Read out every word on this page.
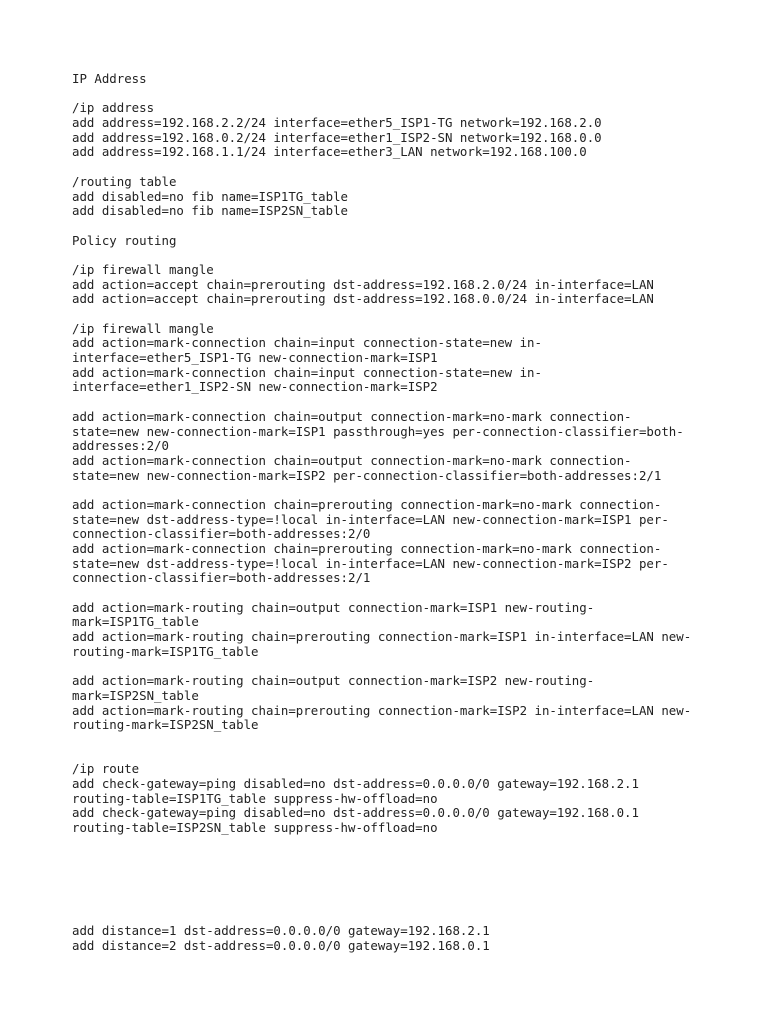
IP Address
/ip address
add address=192.168.2.2/24 interface=ether5_ISP1-TG network=192.168.2.0
add address=192.168.0.2/24 interface=ether1_ISP2-SN network=192.168.0.0
add address=192.168.1.1/24 interface=ether3_LAN network=192.168.100.0
/routing table
add disabled=no fib name=ISP1TG_table
add disabled=no fib name=ISP2SN_table
Policy routing
/ip firewall mangle
add action=accept chain=prerouting dst-address=192.168.2.0/24 in-interface=LAN
add action=accept chain=prerouting dst-address=192.168.0.0/24 in-interface=LAN
/ip firewall mangle
add action=mark-connection chain=input connection-state=new in-
interface=ether5_ISP1-TG new-connection-mark=ISP1
add action=mark-connection chain=input connection-state=new in-
interface=ether1_ISP2-SN new-connection-mark=ISP2
add action=mark-connection chain=output connection-mark=no-mark connection-
state=new new-connection-mark=ISP1 passthrough=yes per-connection-classifier=both-
addresses:2/0
add action=mark-connection chain=output connection-mark=no-mark connection-
state=new new-connection-mark=ISP2 per-connection-classifier=both-addresses:2/1
add action=mark-connection chain=prerouting connection-mark=no-mark connection-
state=new dst-address-type=!local in-interface=LAN new-connection-mark=ISP1 per-
connection-classifier=both-addresses:2/0
add action=mark-connection chain=prerouting connection-mark=no-mark connection-
state=new dst-address-type=!local in-interface=LAN new-connection-mark=ISP2 per-
connection-classifier=both-addresses:2/1
add action=mark-routing chain=output connection-mark=ISP1 new-routing-
mark=ISP1TG_table
add action=mark-routing chain=prerouting connection-mark=ISP1 in-interface=LAN new-
routing-mark=ISP1TG_table
add action=mark-routing chain=output connection-mark=ISP2 new-routing-
mark=ISP2SN_table
add action=mark-routing chain=prerouting connection-mark=ISP2 in-interface=LAN new-
routing-mark=ISP2SN_table
/ip route
add check-gateway=ping disabled=no dst-address=0.0.0.0/0 gateway=192.168.2.1
routing-table=ISP1TG_table suppress-hw-offload=no
add check-gateway=ping disabled=no dst-address=0.0.0.0/0 gateway=192.168.0.1
routing-table=ISP2SN_table suppress-hw-offload=no
add distance=1 dst-address=0.0.0.0/0 gateway=192.168.2.1
add distance=2 dst-address=0.0.0.0/0 gateway=192.168.0.1
